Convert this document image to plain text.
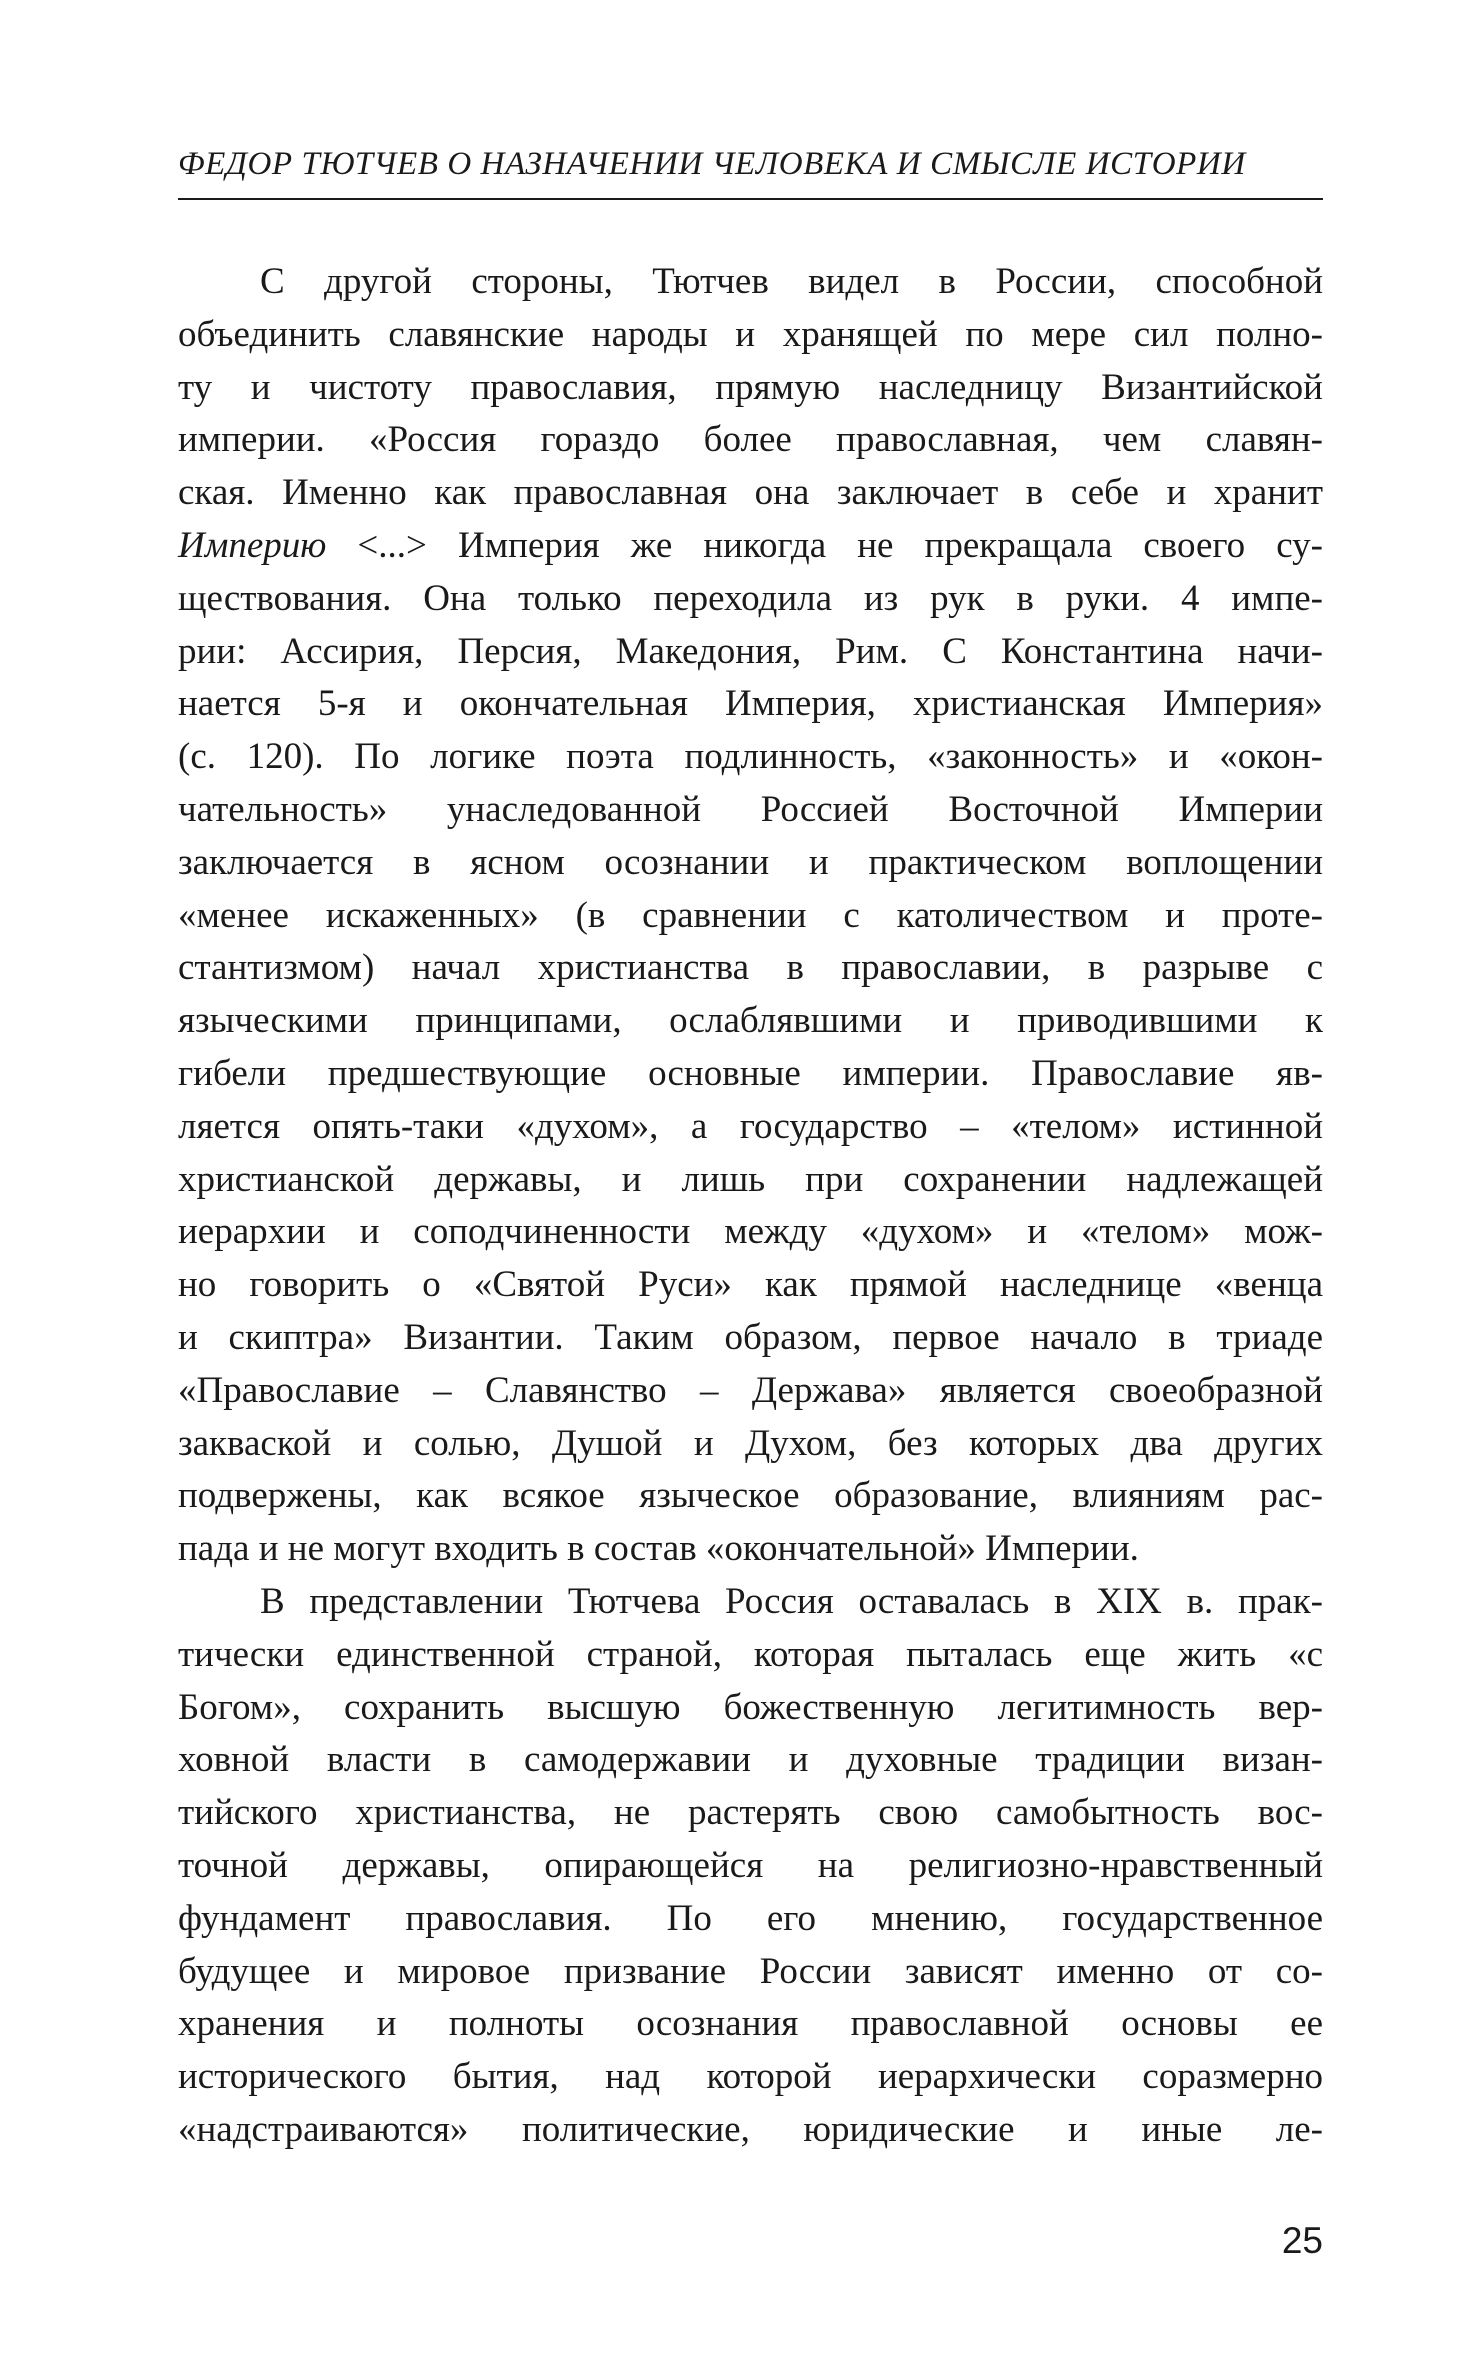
ФЕДОР ТЮТЧЕВ О НАЗНАЧЕНИИ ЧЕЛОВЕКА И СМЫСЛЕ ИСТОРИИ
С другой стороны, Тютчев видел в России, способной
объединить славянские народы и хранящей по мере сил полно-
ту и чистоту православия, прямую наследницу Византийской
империи. «Россия гораздо более православная, чем славян-
ская. Именно как православная она заключает в себе и хранит
Империю <...> Империя же никогда не прекращала своего су-
ществования. Она только переходила из рук в руки. 4 импе-
рии: Ассирия, Персия, Македония, Рим. С Константина начи-
нается 5-я и окончательная Империя, христианская Империя»
(с. 120). По логике поэта подлинность, «законность» и «окон-
чательность» унаследованной Россией Восточной Империи
заключается в ясном осознании и практическом воплощении
«менее искаженных» (в сравнении с католичеством и проте-
стантизмом) начал христианства в православии, в разрыве с
языческими принципами, ослаблявшими и приводившими к
гибели предшествующие основные империи. Православие яв-
ляется опять-таки «духом», а государство – «телом» истинной
христианской державы, и лишь при сохранении надлежащей
иерархии и соподчиненности между «духом» и «телом» мож-
но говорить о «Святой Руси» как прямой наследнице «венца
и скиптра» Византии. Таким образом, первое начало в триаде
«Православие – Славянство – Держава» является своеобразной
закваской и солью, Душой и Духом, без которых два других
подвержены, как всякое языческое образование, влияниям рас-
пада и не могут входить в состав «окончательной» Империи.
В представлении Тютчева Россия оставалась в XIX в. прак-
тически единственной страной, которая пыталась еще жить «с
Богом», сохранить высшую божественную легитимность вер-
ховной власти в самодержавии и духовные традиции визан-
тийского христианства, не растерять свою самобытность вос-
точной державы, опирающейся на религиозно-нравственный
фундамент православия. По его мнению, государственное
будущее и мировое призвание России зависят именно от со-
хранения и полноты осознания православной основы ее
исторического бытия, над которой иерархически соразмерно
«надстраиваются» политические, юридические и иные ле-
25
